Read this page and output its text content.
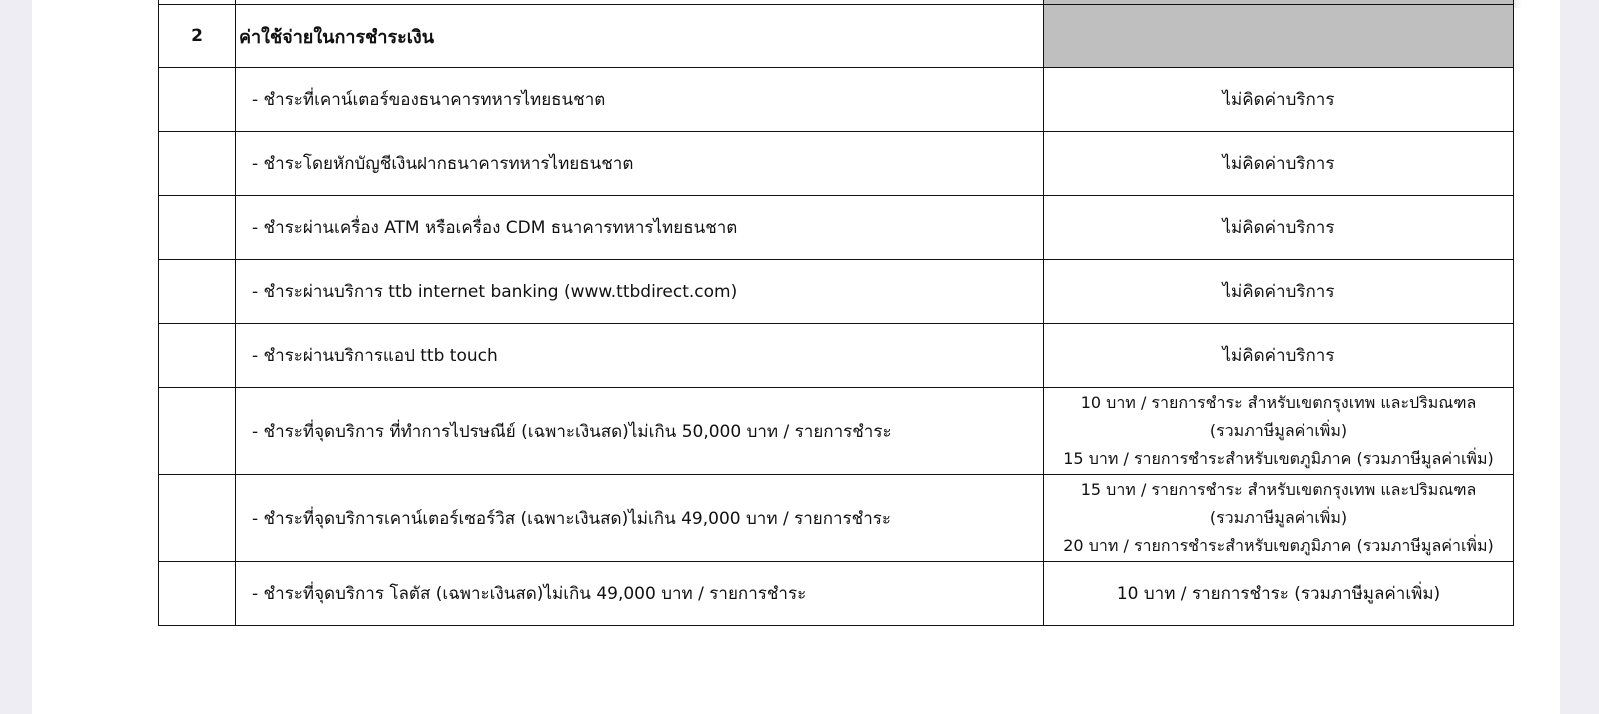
2	ค่าใช้จ่ายในการชำระเงิน	
	- ชำระที่เคาน์เตอร์ของธนาคารทหารไทยธนชาต	ไม่คิดค่าบริการ
	- ชำระโดยหักบัญชีเงินฝากธนาคารทหารไทยธนชาต	ไม่คิดค่าบริการ
	- ชำระผ่านเครื่อง ATM หรือเครื่อง CDM ธนาคารทหารไทยธนชาต	ไม่คิดค่าบริการ
	- ชำระผ่านบริการ ttb internet banking (www.ttbdirect.com)	ไม่คิดค่าบริการ
	- ชำระผ่านบริการแอป ttb touch	ไม่คิดค่าบริการ
	- ชำระที่จุดบริการ ที่ทำการไปรษณีย์ (เฉพาะเงินสด)ไม่เกิน 50,000 บาท / รายการชำระ	10 บาท / รายการชำระ สำหรับเขตกรุงเทพ และปริมณฑล
(รวมภาษีมูลค่าเพิ่ม)
15 บาท / รายการชำระสำหรับเขตภูมิภาค (รวมภาษีมูลค่าเพิ่ม)

	- ชำระที่จุดบริการเคาน์เตอร์เซอร์วิส (เฉพาะเงินสด)ไม่เกิน 49,000 บาท / รายการชำระ	15 บาท / รายการชำระ สำหรับเขตกรุงเทพ และปริมณฑล
(รวมภาษีมูลค่าเพิ่ม)
20 บาท / รายการชำระสำหรับเขตภูมิภาค (รวมภาษีมูลค่าเพิ่ม)

	- ชำระที่จุดบริการ โลตัส (เฉพาะเงินสด)ไม่เกิน 49,000 บาท / รายการชำระ	10 บาท / รายการชำระ (รวมภาษีมูลค่าเพิ่ม)
